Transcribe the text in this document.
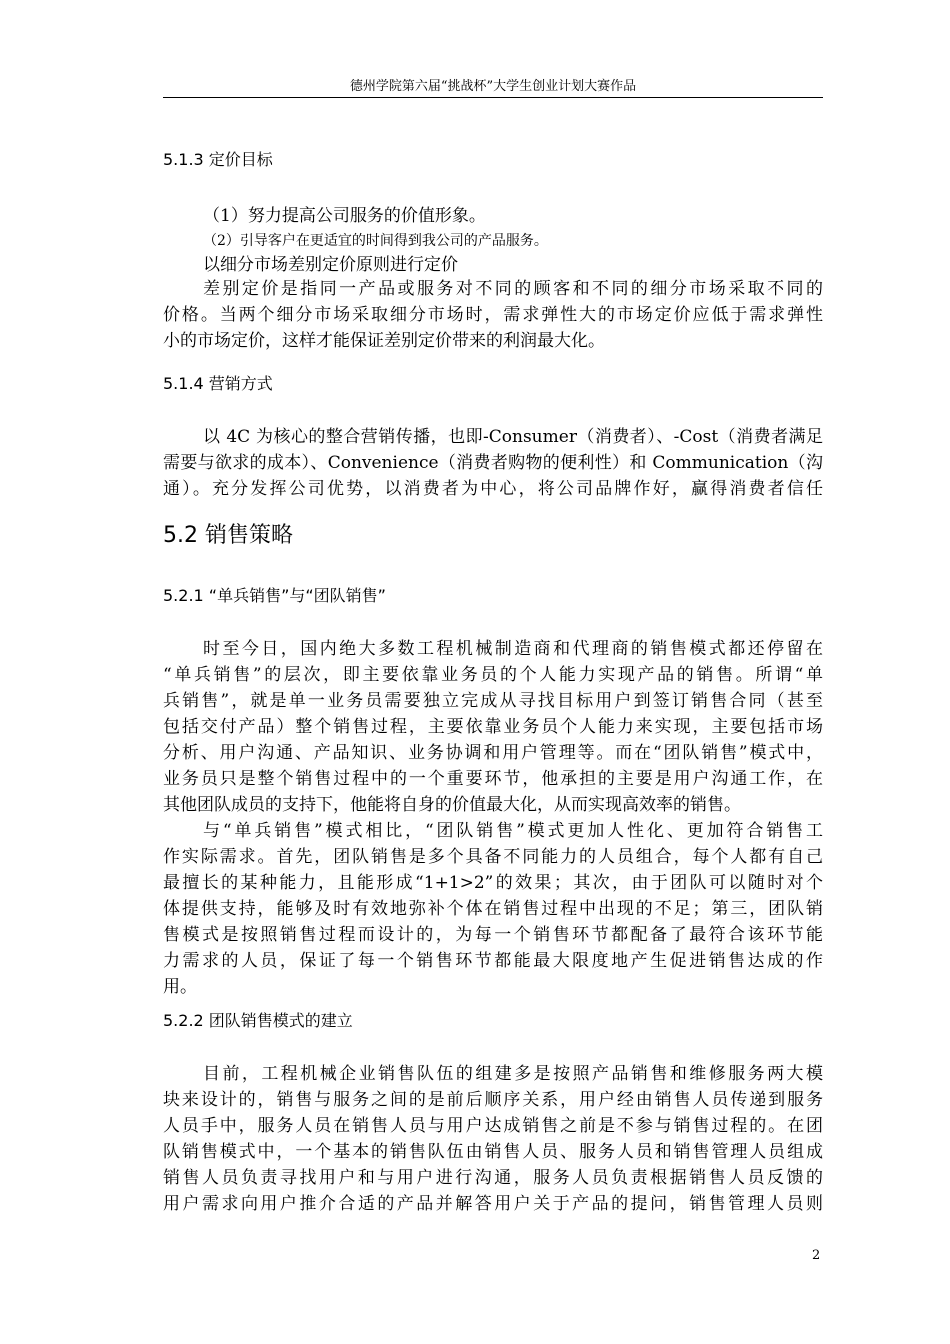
德州学院第六届“挑战杯”大学生创业计划大赛作品
5.1.3 定价目标
（1）努力提高公司服务的价值形象。
（2）引导客户在更适宜的时间得到我公司的产品服务。
以细分市场差别定价原则进行定价
差别定价是指同一产品或服务对不同的顾客和不同的细分市场采取不同的
价格。当两个细分市场采取细分市场时，需求弹性大的市场定价应低于需求弹性
小的市场定价，这样才能保证差别定价带来的利润最大化。
5.1.4 营销方式
以 4C 为核心的整合营销传播，也即-Consumer（消费者）、-Cost（消费者满足
需要与欲求的成本）、Convenience（消费者购物的便利性）和 Communication（沟
通）。充分发挥公司优势，以消费者为中心，将公司品牌作好，赢得消费者信任
5.2 销售策略
5.2.1 “单兵销售”与“团队销售”
时至今日，国内绝大多数工程机械制造商和代理商的销售模式都还停留在
“单兵销售”的层次，即主要依靠业务员的个人能力实现产品的销售。所谓“单
兵销售”，就是单一业务员需要独立完成从寻找目标用户到签订销售合同（甚至
包括交付产品）整个销售过程，主要依靠业务员个人能力来实现，主要包括市场
分析、用户沟通、产品知识、业务协调和用户管理等。而在“团队销售”模式中，
业务员只是整个销售过程中的一个重要环节，他承担的主要是用户沟通工作，在
其他团队成员的支持下，他能将自身的价值最大化，从而实现高效率的销售。
与“单兵销售”模式相比，“团队销售”模式更加人性化、更加符合销售工
作实际需求。首先，团队销售是多个具备不同能力的人员组合，每个人都有自己
最擅长的某种能力，且能形成“1+1>2”的效果；其次，由于团队可以随时对个
体提供支持，能够及时有效地弥补个体在销售过程中出现的不足；第三，团队销
售模式是按照销售过程而设计的，为每一个销售环节都配备了最符合该环节能
力需求的人员，保证了每一个销售环节都能最大限度地产生促进销售达成的作
用。
5.2.2 团队销售模式的建立
目前，工程机械企业销售队伍的组建多是按照产品销售和维修服务两大模
块来设计的，销售与服务之间的是前后顺序关系，用户经由销售人员传递到服务
人员手中，服务人员在销售人员与用户达成销售之前是不参与销售过程的。在团
队销售模式中，一个基本的销售队伍由销售人员、服务人员和销售管理人员组成
销售人员负责寻找用户和与用户进行沟通，服务人员负责根据销售人员反馈的
用户需求向用户推介合适的产品并解答用户关于产品的提问，销售管理人员则
2
